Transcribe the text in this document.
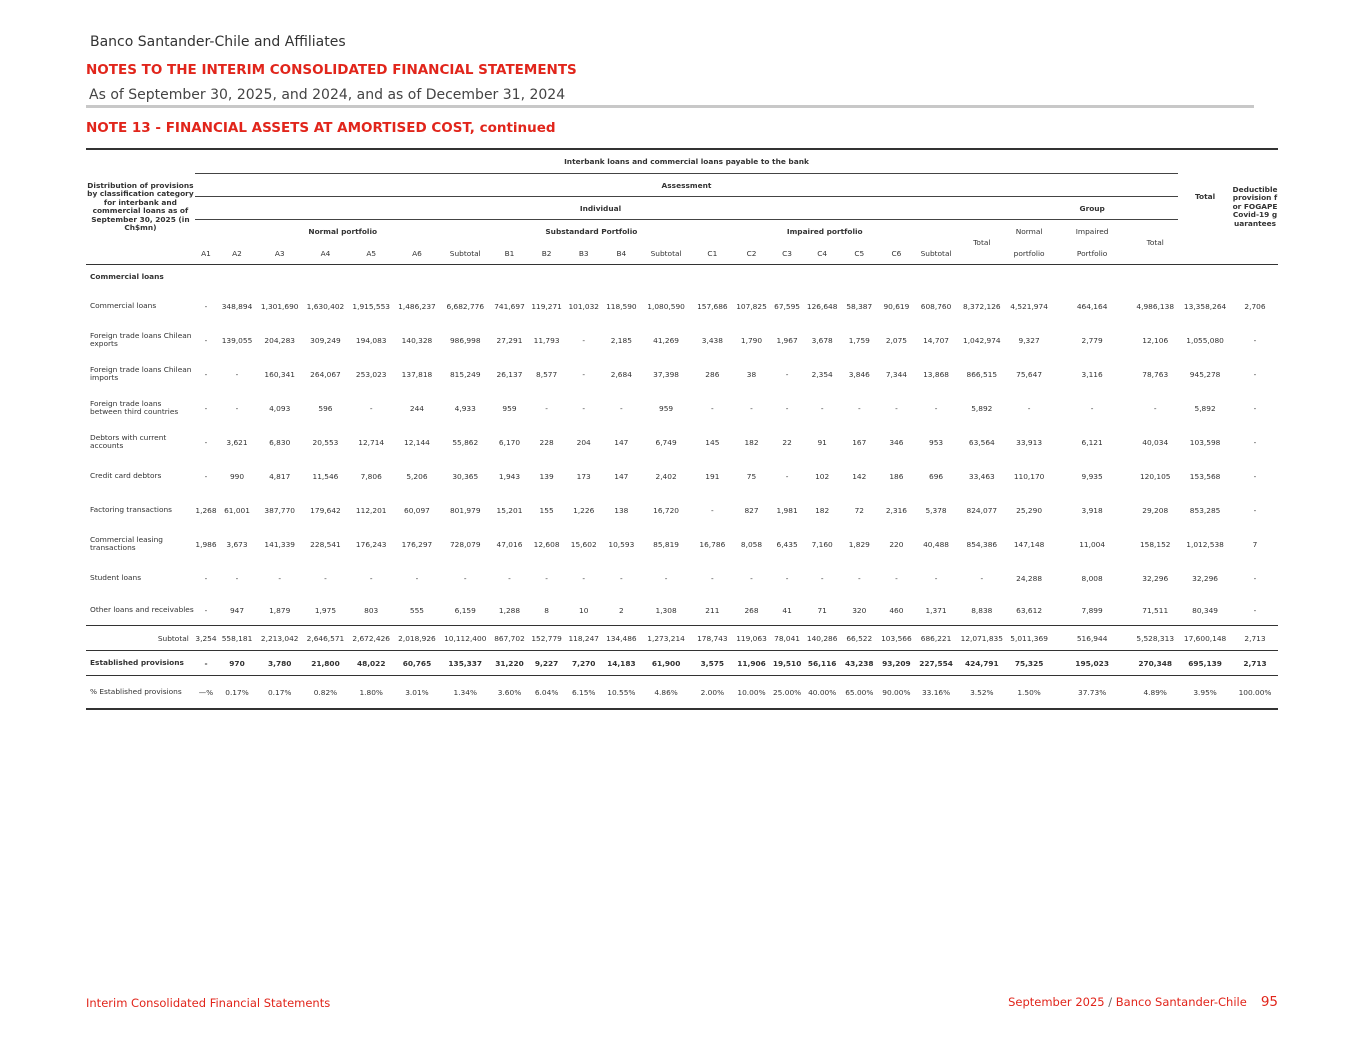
Banco Santander-Chile and Affiliates
NOTES TO THE INTERIM CONSOLIDATED FINANCIAL STATEMENTS
As of September 30, 2025, and 2024, and as of December 31, 2024
NOTE 13 - FINANCIAL ASSETS AT AMORTISED COST, continued
Distribution of provisions by classification category for interbank and commercial loans as of September 30, 2025 (in Ch$mn)	Interbank loans and commercial loans payable to the bank																							Total	Deductible provision for FOGAPE Covid-19 guarantees
	Assessment																								
	Individual																				Group				
	Normal portfolio							Substandard Portfolio					Impaired portfolio							Total	Normal	Impaired	Total		
	A1	A2	A3	A4	A5	A6	Subtotal	B1	B2	B3	B4	Subtotal	C1	C2	C3	C4	C5	C6	Subtotal		portfolio	Portfolio			
Commercial loans																									
Commercial loans	-	348,894	1,301,690	1,630,402	1,915,553	1,486,237	6,682,776	741,697	119,271	101,032	118,590	1,080,590	157,686	107,825	67,595	126,648	58,387	90,619	608,760	8,372,126	4,521,974	464,164	4,986,138	13,358,264	2,706
Foreign trade loans Chilean exports	-	139,055	204,283	309,249	194,083	140,328	986,998	27,291	11,793	-	2,185	41,269	3,438	1,790	1,967	3,678	1,759	2,075	14,707	1,042,974	9,327	2,779	12,106	1,055,080	-
Foreign trade loans Chilean imports	-	-	160,341	264,067	253,023	137,818	815,249	26,137	8,577	-	2,684	37,398	286	38	-	2,354	3,846	7,344	13,868	866,515	75,647	3,116	78,763	945,278	-
Foreign trade loans between third countries	-	-	4,093	596	-	244	4,933	959	-	-	-	959	-	-	-	-	-	-	-	5,892	-	-	-	5,892	-
Debtors with current accounts	-	3,621	6,830	20,553	12,714	12,144	55,862	6,170	228	204	147	6,749	145	182	22	91	167	346	953	63,564	33,913	6,121	40,034	103,598	-
Credit card debtors	-	990	4,817	11,546	7,806	5,206	30,365	1,943	139	173	147	2,402	191	75	-	102	142	186	696	33,463	110,170	9,935	120,105	153,568	-
Factoring transactions	1,268	61,001	387,770	179,642	112,201	60,097	801,979	15,201	155	1,226	138	16,720	-	827	1,981	182	72	2,316	5,378	824,077	25,290	3,918	29,208	853,285	-
Commercial leasing transactions	1,986	3,673	141,339	228,541	176,243	176,297	728,079	47,016	12,608	15,602	10,593	85,819	16,786	8,058	6,435	7,160	1,829	220	40,488	854,386	147,148	11,004	158,152	1,012,538	7
Student loans	-	-	-	-	-	-	-	-	-	-	-	-	-	-	-	-	-	-	-	-	24,288	8,008	32,296	32,296	-
Other loans and receivables	-	947	1,879	1,975	803	555	6,159	1,288	8	10	2	1,308	211	268	41	71	320	460	1,371	8,838	63,612	7,899	71,511	80,349	-
Subtotal	3,254	558,181	2,213,042	2,646,571	2,672,426	2,018,926	10,112,400	867,702	152,779	118,247	134,486	1,273,214	178,743	119,063	78,041	140,286	66,522	103,566	686,221	12,071,835	5,011,369	516,944	5,528,313	17,600,148	2,713
Established provisions	-	970	3,780	21,800	48,022	60,765	135,337	31,220	9,227	7,270	14,183	61,900	3,575	11,906	19,510	56,116	43,238	93,209	227,554	424,791	75,325	195,023	270,348	695,139	2,713
% Established provisions	—%	0.17%	0.17%	0.82%	1.80%	3.01%	1.34%	3.60%	6.04%	6.15%	10.55%	4.86%	2.00%	10.00%	25.00%	40.00%	65.00%	90.00%	33.16%	3.52%	1.50%	37.73%	4.89%	3.95%	100.00%
Interim Consolidated Financial Statements	September 2025 / Banco Santander-Chile 95
